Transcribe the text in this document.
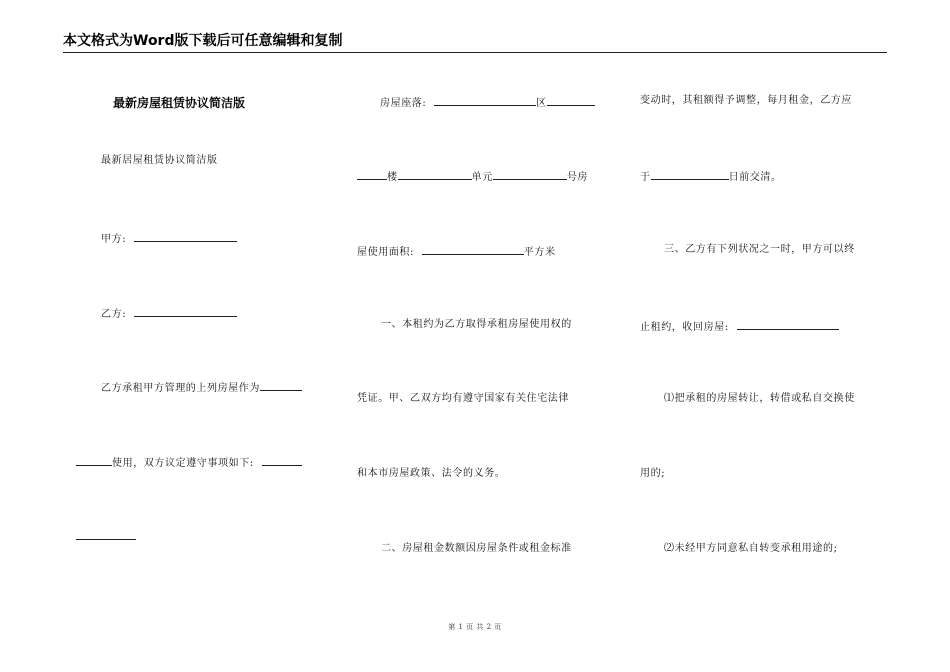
本文格式为Word版下载后可任意编辑和复制
最新房屋租赁协议简洁版
最新居屋租赁协议简洁版
甲方:
乙方:
乙方承租甲方管理的上列房屋作为
使用，双方议定遵守事项如下:
房屋座落:	区
楼	单元	号房
屋使用面积:	平方米
一、本租约为乙方取得承租房屋使用权的
凭证。甲、乙双方均有遵守国家有关住宅法律
和本市房屋政策、法令的义务。
二、房屋租金数额因房屋条件或租金标准
变动时，其租额得予调整，每月租金，乙方应
于	日前交清。
三、乙方有下列状况之一时，甲方可以终
止租约，收回房屋:
⑴把承租的房屋转让，转借或私自交换使
用的;
⑵未经甲方同意私自转变承租用途的;
第 1 页 共 2 页
